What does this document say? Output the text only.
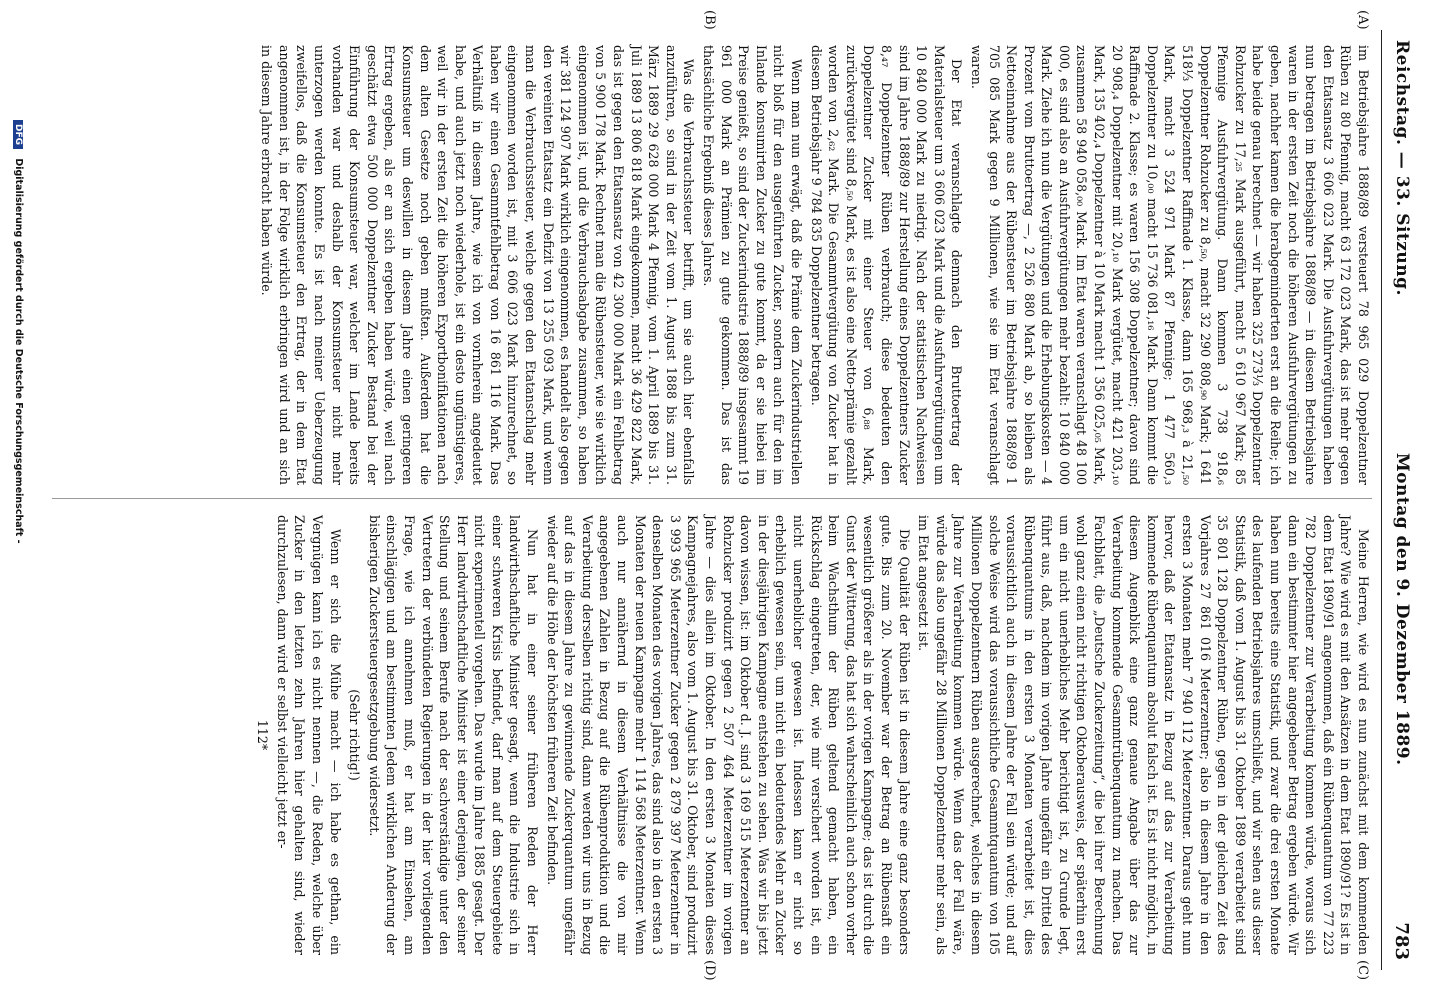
Reichstag. — 33. Sitzung.
Montag den 9. Dezember 1889.
783
(A)
(B)
(C)
(D)

im Betriebsjahre 1888/89 versteuert 78 965 029 Doppelzentner Rüben zu 80 Pfennig, macht 63 172 023 Mark, das ist mehr gegen den Etatsansatz 3 606 023 Mark. Die Ausfuhrvergütungen haben nun betragen im Betriebsjahre 1888/89 — in diesem Betriebsjahre waren in der ersten Zeit noch die höheren Ausfuhrvergütungen zu geben, nachher kamen die herabgeminderten erst an die Reihe; ich habe beide genau berechnet — wir haben 325 273⅓ Doppelzentner Rohzucker zu 17,₂₅ Mark ausgeführt, macht 5 610 967 Mark; 85 Pfennige Ausfuhrvergütung. Dann kommen 3 738 918,₆ Doppelzentner Rohzucker zu 8,₅₀, macht 32 290 808,₉₀ Mark; 1 641 518⅓ Doppelzentner Raffinade 1. Klasse, dann 165 968,₃ à 21,₅₀ Mark, macht 3 524 971 Mark 87 Pfennige; 1 477 560,₃ Doppelzentner zu 10,₀₀ macht 15 736 081,₁₆ Mark. Dann kommt die Raffinade 2. Klasse; es waren 156 308 Doppelzentner; davon sind 20 908,₄ Doppelzentner mit 20,₁₀ Mark vergütet, macht 421 203,₁₀ Mark, 135 402,₄ Doppelzentner à 10 Mark macht 1 356 025,₀₅ Mark, zusammen 58 940 058,₀₀ Mark. Im Etat waren veranschlagt 48 100 000, es sind also an Ausfuhrvergütungen mehr bezahlt: 10 840 000 Mark. Ziehe ich nun die Vergütungen und die Erhebungskosten — 4 Prozent vom Bruttoertrag —, 2 526 880 Mark ab, so bleiben als Nettoeinnahme aus der Rübensteuer im Betriebsjahre 1888/89 1 705 085 Mark gegen 9 Millionen, wie sie im Etat veranschlagt waren.

Der Etat veranschlagte demnach den Bruttoertrag der Materialsteuer um 3 606 023 Mark und die Ausfuhrvergütungen um 10 840 000 Mark zu niedrig. Nach der statistischen Nachweisen sind im Jahre 1888/89 zur Herstellung eines Doppelzentners Zucker 8,₄₇ Doppelzentner Rüben verbraucht; diese bedeuten den Doppelzentner Zucker mit einer Steuer von 6,₈₈ Mark, zurückvergütet sind 8,₅₀ Mark, es ist also eine Netto-prämie gezahlt worden von 2,₆₂ Mark. Die Gesammtvergütung von Zucker hat in diesem Betriebsjahr 9 784 835 Doppelzentner betragen.

Wenn man nun erwägt, daß die Prämie dem Zuckerindustriellen nicht bloß für den ausgeführten Zucker, sondern auch für den im Inlande konsumirten Zucker zu gute kommt, da er sie hiebei im Preise genießt, so sind der Zuckerindustrie 1888/89 insgesammt 19 961 000 Mark an Prämien zu gute gekommen. Das ist das thatsächliche Ergebniß dieses Jahres.

Was die Verbrauchssteuer betrifft, um sie auch hier ebenfalls anzuführen, so sind in der Zeit vom 1. August 1888 bis zum 31. März 1889 29 628 000 Mark 4 Pfennig, vom 1. April 1889 bis 31. Juli 1889 13 806 818 Mark eingekommen, macht 36 429 822 Mark, das ist gegen den Etatsansatz von 42 300 000 Mark ein Fehlbetrag von 5 900 178 Mark. Rechnet man die Rübensteuer, wie sie wirklich eingenommen ist, und die Verbrauchsabgabe zusammen, so haben wir 381 124 907 Mark wirklich eingenommen, es handelt also gegen den vereinten Etatsatz ein Defizit von 13 255 093 Mark, und wenn man die Verbrauchssteuer, welche gegen den Etatanschlag mehr eingenommen worden ist, mit 3 606 023 Mark hinzurechnet, so haben wir einen Gesammtfehlbetrag von 16 861 116 Mark. Das Verhältniß in diesem Jahre, wie ich von vornherein angedeutet habe, und auch jetzt noch wiederhole, ist ein desto ungünstigeres, weil wir in der ersten Zeit die höheren Exportbonifikationen nach dem alten Gesetze noch geben mußten. Außerdem hat die Konsumsteuer um deswillen in diesem Jahre einen geringeren Ertrag ergeben, als er an sich ergeben haben würde, weil nach geschätzt etwa 500 000 Doppelzentner Zucker Bestand bei der Einführung der Konsumsteuer war, welcher im Lande bereits vorhanden war und deshalb der Konsumsteuer nicht mehr unterzogen werden konnte. Es ist nach meiner Ueberzeugung zweifellos, daß die Konsumsteuer den Ertrag, der in dem Etat angenommen ist, in der Folge wirklich erbringen wird und an sich in diesem Jahre erbracht haben würde.

Meine Herren, wie wird es nun zunächst mit dem kommenden Jahre? Wie wird es mit den Ansätzen in dem Etat 1890/91? Es ist in dem Etat 1890/91 angenommen, daß ein Rübenquantum von 77 223 782 Doppelzentner zur Verarbeitung kommen würde, woraus sich dann ein bestimmter hier angegebener Betrag ergeben würde. Wir haben nun bereits eine Statistik, und zwar die drei ersten Monate des laufenden Betriebsjahres umschließt, und wir sehen aus dieser Statistik, daß vom 1. August bis 31. Oktober 1889 verarbeitet sind 35 801 128 Doppelzentner Rüben, gegen in der gleichen Zeit des Vorjahres 27 861 016 Meterzentner; also in diesem Jahre in den ersten 3 Monaten mehr 7 940 112 Meterzentner. Daraus geht nun hervor, daß der Etatansatz in Bezug auf das zur Verarbeitung kommende Rübenquantum absolut falsch ist. Es ist nicht möglich, in diesem Augenblick eine ganz genaue Angabe über das zur Verarbeitung kommende Gesammtrübenquantum zu machen. Das Fachblatt, die „Deutsche Zuckerzeitung“, die bei ihrer Berechnung wohl ganz einen nicht richtigen Oktoberausweis, der späterhin erst um ein nicht unerhebliches Mehr berichtigt ist, zu Grunde legt, führt aus, daß, nachdem im vorigen Jahre ungefähr ein Drittel des Rübenquantums in den ersten 3 Monaten verarbeitet ist, dies voraussichtlich auch in diesem Jahre der Fall sein würde; und auf solche Weise wird das voraussichtliche Gesammtquantum von 105 Millionen Doppelzentnern Rüben ausgerechnet, welches in diesem Jahre zur Verarbeitung kommen würde. Wenn das der Fall wäre, würde das also ungefähr 28 Millionen Doppelzentner mehr sein, als im Etat angesetzt ist.

Die Qualität der Rüben ist in diesem Jahre eine ganz besonders gute. Bis zum 20. November war der Betrag an Rübensaft ein wesentlich größerer als in der vorigen Kampagne; das ist durch die Gunst der Witterung, das hat sich wahrscheinlich auch schon vorher beim Wachsthum der Rüben geltend gemacht haben, ein Rückschlag eingetreten, der, wie mir versichert worden ist, ein nicht unerheblicher gewesen ist. Indessen kann er nicht so erheblich gewesen sein, um nicht ein bedeutendes Mehr an Zucker in der diesjährigen Kampagne entstehen zu sehen. Was wir bis jetzt davon wissen, ist: im Oktober d. J. sind 3 169 515 Meterzentner an Rohzucker produzirt gegen 2 507 464 Meterzentner im vorigen Jahre — dies allein im Oktober. In den ersten 3 Monaten dieses Kampagnejahres, also vom 1. August bis 31. Oktober, sind produzirt 3 993 965 Meterzentner Zucker gegen 2 879 397 Meterzentner in denselben Monaten des vorigen Jahres, das sind also in den ersten 3 Monaten der neuen Kampagne mehr 1 114 568 Meterzentner. Wenn auch nur annähernd in diesem Verhältnisse die von mir angegebenen Zahlen in Bezug auf die Rübenproduktion und die Verarbeitung derselben richtig sind, dann werden wir uns in Bezug auf das in diesem Jahre zu gewinnende Zuckerquantum ungefähr wieder auf die Höhe der höchsten früheren Zeit befinden.

Nun hat in einer seiner früheren Reden der Herr landwirthschaftliche Minister gesagt, wenn die Industrie sich in einer schweren Krisis befindet, darf man auf dem Steuergebiete nicht experimentell vorgehen. Das wurde im Jahre 1885 gesagt. Der Herr landwirthschaftliche Minister ist einer derjenigen, der seiner Stellung und seinem Berufe nach der sachverständige unter den Vertretern der verbündeten Regierungen in der hier vorliegenden Frage, wie ich annehmen muß, er hat am Einsehen, am einschlägigen und am bestimmten Jedem wirklichen Anderung der bisherigen Zuckersteuergesetzgebung widersetzt.

(Sehr richtig!)

Wenn er sich die Mühe macht — ich habe es gethan, ein Vergnügen kann ich es nicht nennen —, die Reden, welche über Zucker in den letzten zehn Jahren hier gehalten sind, wieder durchzulesen, dann wird er selbst vielleicht jetzt er-

112*

DFG Digitalisierung gefördert durch die Deutsche Forschungsgemeinschaft -
